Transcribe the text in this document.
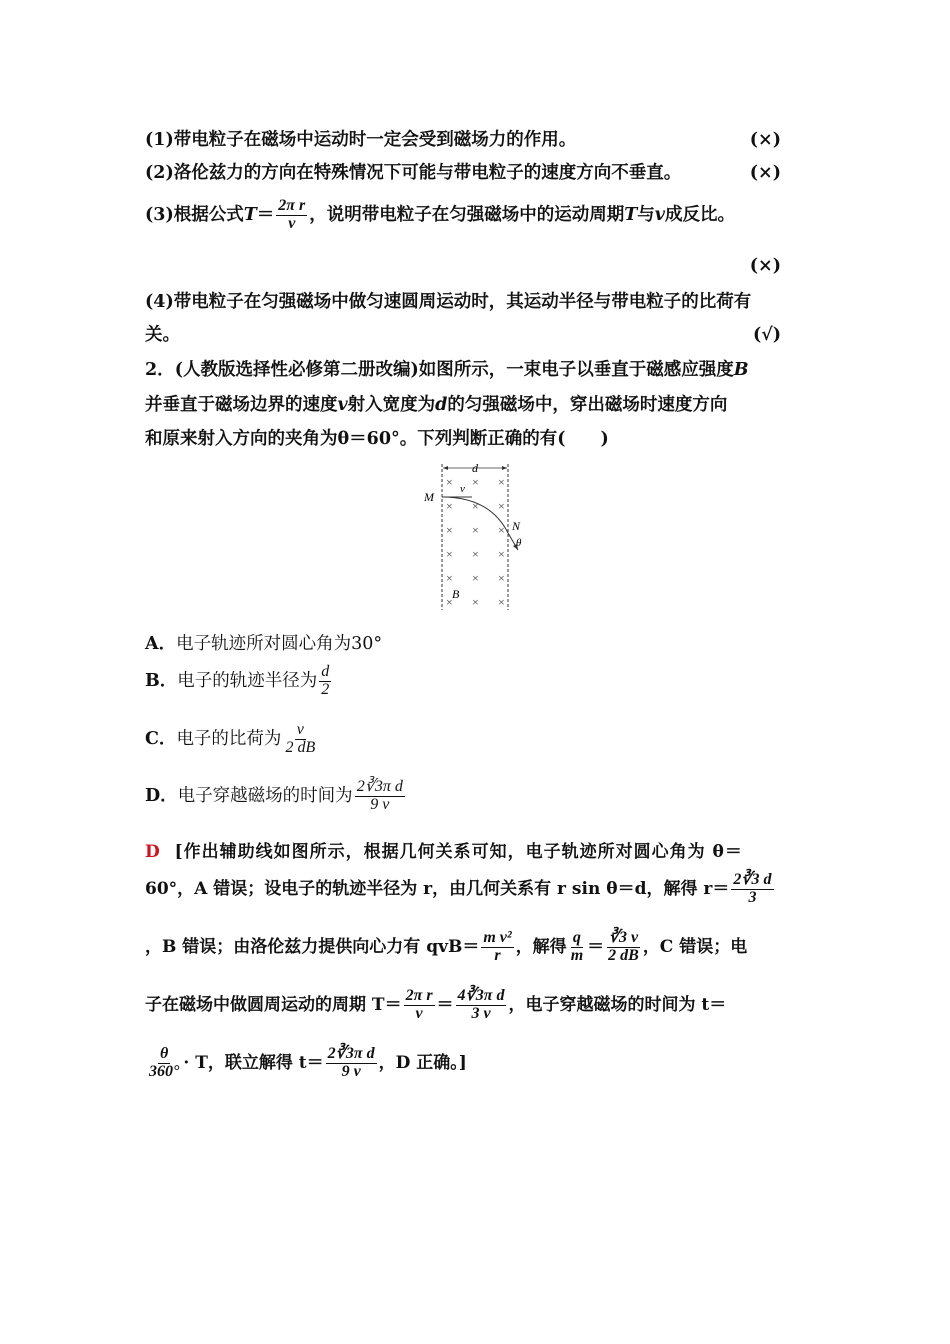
(1)带电粒子在磁场中运动时一定会受到磁场力的作用。	(×)
(2)洛伦兹力的方向在特殊情况下可能与带电粒子的速度方向不垂直。	(×)
(3)根据公式$T= \frac{\text{2π r}}{v}$ ，说明带电粒子在匀强磁场中的运动周期T与v成反比。

(×)
(4)带电粒子在匀强磁场中做匀速圆周运动时，其运动半径与带电粒子的比荷有
关。	(√)
2．(人教版选择性必修第二册改编)如图所示，一束电子以垂直于磁感应强度B
并垂直于磁场边界的速度v射入宽度为d的匀强磁场中，穿出磁场时速度方向
和原来射入方向的夹角为θ＝60°。下列判断正确的有(　　)
d
M
v
N
θ
B
× × ×
× × ×
× × ×
× × ×
× × ×
× × ×
A．电子轨迹所对圆心角为30°
B．电子的轨迹半径为 $\frac{d}{2}$
C．电子的比荷为 $\frac{v}{2 dB}$
D．电子穿越磁场的时间为 $\frac{\text{2∛3π d}}{9 v}$
D [作出辅助线如图所示，根据几何关系可知，电子轨迹所对圆心角为 θ＝
60°，A 错误；设电子的轨迹半径为 r，由几何关系有 r sin θ＝d，解得 $r= \frac{2∛3 d}{3}$
，B 错误；由洛伦兹力提供向心力有 $qvB= \frac{\text{m v²}}{r}$ ，解得 $\frac{q}{m} = \frac{∛3 v}{2 dB}$ ，C 错误；电
子在磁场中做圆周运动的周期 $T= \frac{\text{2π r}}{v} = \frac{\text{4∛3π d}}{3 v}$ ，电子穿越磁场的时间为 t＝
$\frac{\theta}{360^\circ} \cdot T$，联立解得 $t= \frac{\text{2∛3π d}}{9 v}$ ，D 正确。]
